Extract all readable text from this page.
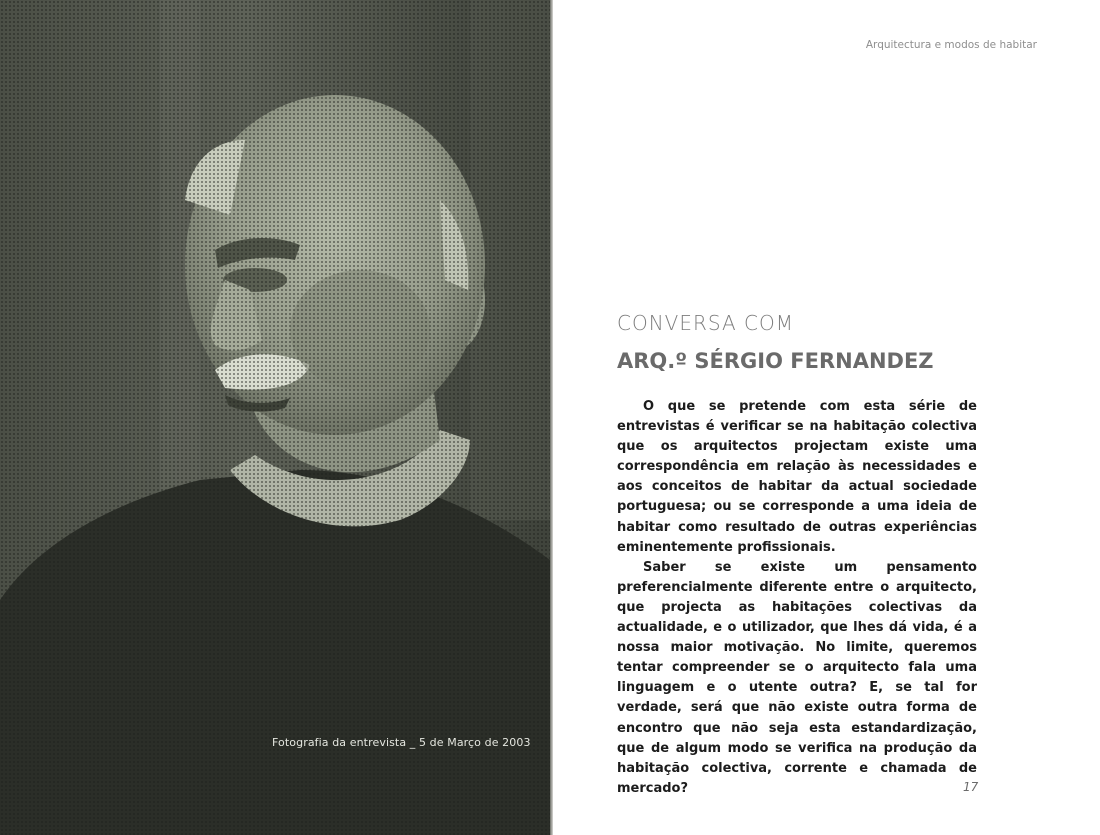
Fotografia da entrevista _ 5 de Março de 2003
Arquitectura e modos de habitar
CONVERSA COM
ARQ.º SÉRGIO FERNANDEZ

O que se pretende com esta série de entrevistas é verificar se na habitação colectiva que os arquitectos projectam existe uma correspondência em relação às necessidades e aos conceitos de habitar da actual sociedade portuguesa; ou se corresponde a uma ideia de habitar como resultado de outras experiências eminentemente profissionais.

Saber se existe um pensamento preferencialmente diferente entre o arquitecto, que projecta as habitações colectivas da actualidade, e o utilizador, que lhes dá vida, é a nossa maior motivação. No limite, queremos tentar compreender se o arquitecto fala uma linguagem e o utente outra? E, se tal for verdade, será que não existe outra forma de encontro que não seja esta estandardização, que de algum modo se verifica na produção da habitação colectiva, corrente e chamada de mercado?	17
